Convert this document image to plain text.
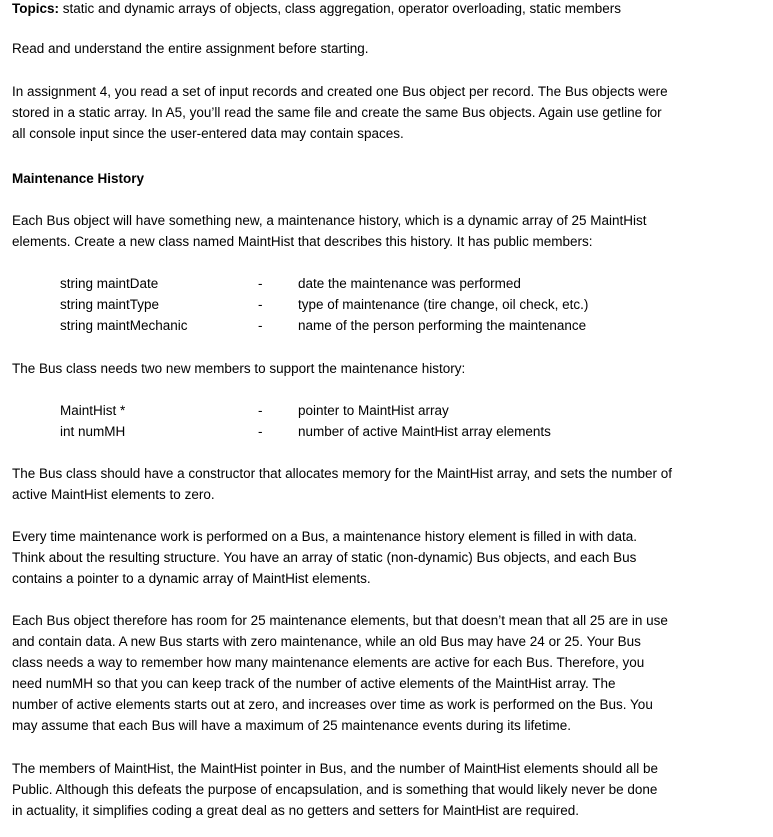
Topics: static and dynamic arrays of objects, class aggregation, operator overloading, static members
Read and understand the entire assignment before starting.
In assignment 4, you read a set of input records and created one Bus object per record. The Bus objects were
stored in a static array. In A5, you’ll read the same file and create the same Bus objects. Again use getline for
all console input since the user-entered data may contain spaces.
Maintenance History
Each Bus object will have something new, a maintenance history, which is a dynamic array of 25 MaintHist
elements. Create a new class named MaintHist that describes this history. It has public members:
string maintDate	-	date the maintenance was performed
string maintType	-	type of maintenance (tire change, oil check, etc.)
string maintMechanic	-	name of the person performing the maintenance
The Bus class needs two new members to support the maintenance history:
MaintHist *	-	pointer to MaintHist array
int numMH	-	number of active MaintHist array elements
The Bus class should have a constructor that allocates memory for the MaintHist array, and sets the number of
active MaintHist elements to zero.
Every time maintenance work is performed on a Bus, a maintenance history element is filled in with data.
Think about the resulting structure. You have an array of static (non-dynamic) Bus objects, and each Bus
contains a pointer to a dynamic array of MaintHist elements.
Each Bus object therefore has room for 25 maintenance elements, but that doesn’t mean that all 25 are in use
and contain data. A new Bus starts with zero maintenance, while an old Bus may have 24 or 25. Your Bus
class needs a way to remember how many maintenance elements are active for each Bus. Therefore, you
need numMH so that you can keep track of the number of active elements of the MaintHist array. The
number of active elements starts out at zero, and increases over time as work is performed on the Bus. You
may assume that each Bus will have a maximum of 25 maintenance events during its lifetime.
The members of MaintHist, the MaintHist pointer in Bus, and the number of MaintHist elements should all be
Public. Although this defeats the purpose of encapsulation, and is something that would likely never be done
in actuality, it simplifies coding a great deal as no getters and setters for MaintHist are required.
